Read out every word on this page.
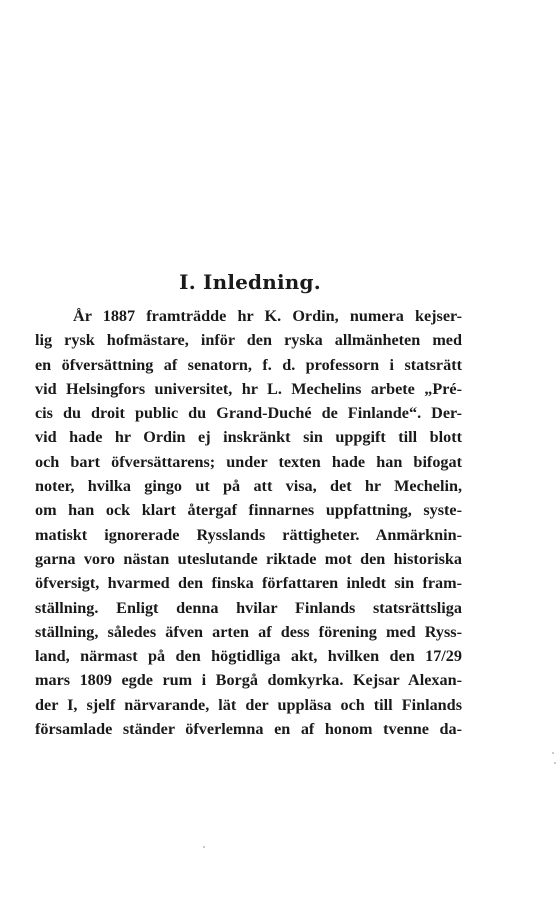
I. Inledning.
År 1887 framträdde hr K. Ordin, numera kejser-
lig rysk hofmästare, inför den ryska allmänheten med
en öfversättning af senatorn, f. d. professorn i statsrätt
vid Helsingfors universitet, hr L. Mechelins arbete „Pré-
cis du droit public du Grand-Duché de Finlande“. Der-
vid hade hr Ordin ej inskränkt sin uppgift till blott
och bart öfversättarens; under texten hade han bifogat
noter, hvilka gingo ut på att visa, det hr Mechelin,
om han ock klart återgaf finnarnes uppfattning, syste-
matiskt ignorerade Rysslands rättigheter. Anmärknin-
garna voro nästan uteslutande riktade mot den historiska
öfversigt, hvarmed den finska författaren inledt sin fram-
ställning. Enligt denna hvilar Finlands statsrättsliga
ställning, således äfven arten af dess förening med Ryss-
land, närmast på den högtidliga akt, hvilken den 17/29
mars 1809 egde rum i Borgå domkyrka. Kejsar Alexan-
der I, sjelf närvarande, lät der uppläsa och till Finlands
församlade ständer öfverlemna en af honom tvenne da-
